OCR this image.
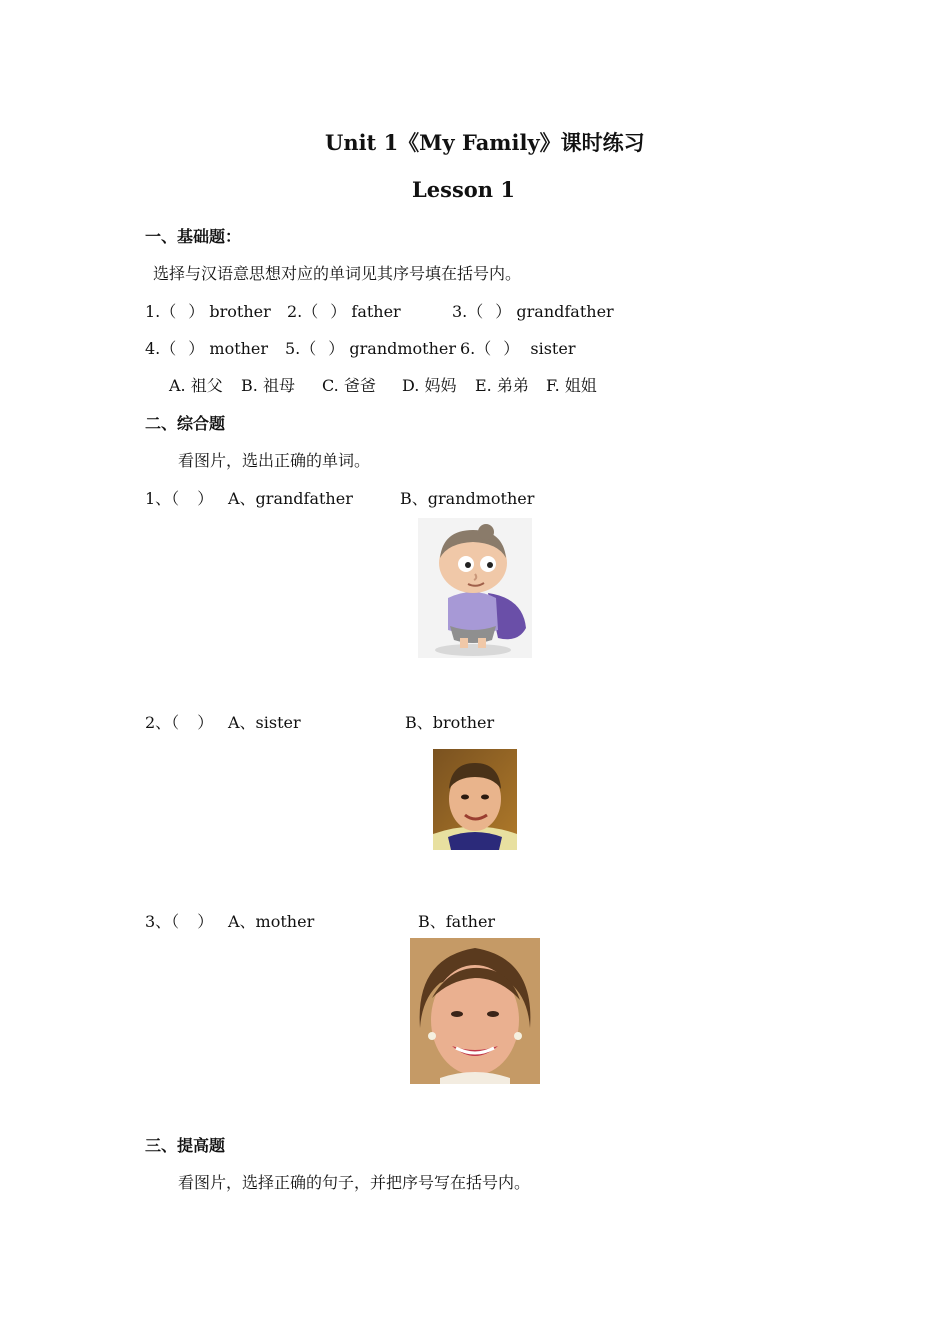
Unit 1《My Family》课时练习
Lesson 1
一、基础题：
选择与汉语意思想对应的单词见其序号填在括号内。
1.（ ） brother 2.（ ） father	3.（ ） grandfather
4.（ ） mother 5.（ ） grandmother 6.（ ） sister
A. 祖父 B. 祖母 C. 爸爸 D. 妈妈 E. 弟弟 F. 姐姐
二、综合题
看图片，选出正确的单词。
1、（ ） A、grandfather	B、grandmother
2、（ ） A、sister	B、brother
3、（ ） A、mother	B、father
三、提高题
看图片，选择正确的句子，并把序号写在括号内。
